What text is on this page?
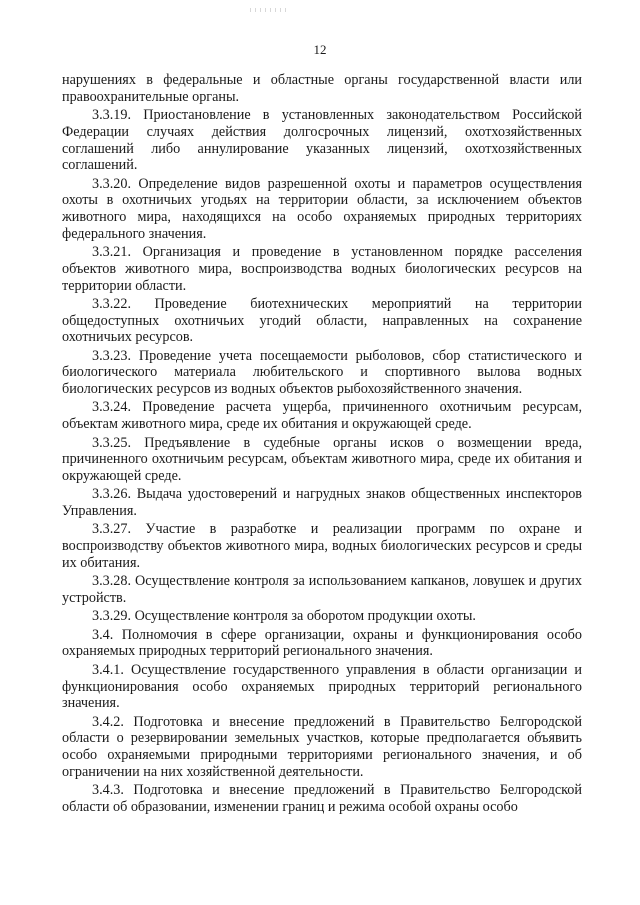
12

нарушениях в федеральные и областные органы государственной власти или правоохранительные органы.

3.3.19. Приостановление в установленных законодательством Российской Федерации случаях действия долгосрочных лицензий, охотхозяйственных соглашений либо аннулирование указанных лицензий, охотхозяйственных соглашений.

3.3.20. Определение видов разрешенной охоты и параметров осуществления охоты в охотничьих угодьях на территории области, за исключением объектов животного мира, находящихся на особо охраняемых природных территориях федерального значения.

3.3.21. Организация и проведение в установленном порядке расселения объектов животного мира, воспроизводства водных биологических ресурсов на территории области.

3.3.22. Проведение биотехнических мероприятий на территории общедоступных охотничьих угодий области, направленных на сохранение охотничьих ресурсов.

3.3.23. Проведение учета посещаемости рыболовов, сбор статистического и биологического материала любительского и спортивного вылова водных биологических ресурсов из водных объектов рыбохозяйственного значения.

3.3.24. Проведение расчета ущерба, причиненного охотничьим ресурсам, объектам животного мира, среде их обитания и окружающей среде.

3.3.25. Предъявление в судебные органы исков о возмещении вреда, причиненного охотничьим ресурсам, объектам животного мира, среде их обитания и окружающей среде.

3.3.26. Выдача удостоверений и нагрудных знаков общественных инспекторов Управления.

3.3.27. Участие в разработке и реализации программ по охране и воспроизводству объектов животного мира, водных биологических ресурсов и среды их обитания.

3.3.28. Осуществление контроля за использованием капканов, ловушек и других устройств.

3.3.29. Осуществление контроля за оборотом продукции охоты.

3.4. Полномочия в сфере организации, охраны и функционирования особо охраняемых природных территорий регионального значения.

3.4.1. Осуществление государственного управления в области организации и функционирования особо охраняемых природных территорий регионального значения.

3.4.2. Подготовка и внесение предложений в Правительство Белгородской области о резервировании земельных участков, которые предполагается объявить особо охраняемыми природными территориями регионального значения, и об ограничении на них хозяйственной деятельности.

3.4.3. Подготовка и внесение предложений в Правительство Белгородской области об образовании, изменении границ и режима особой охраны особо
